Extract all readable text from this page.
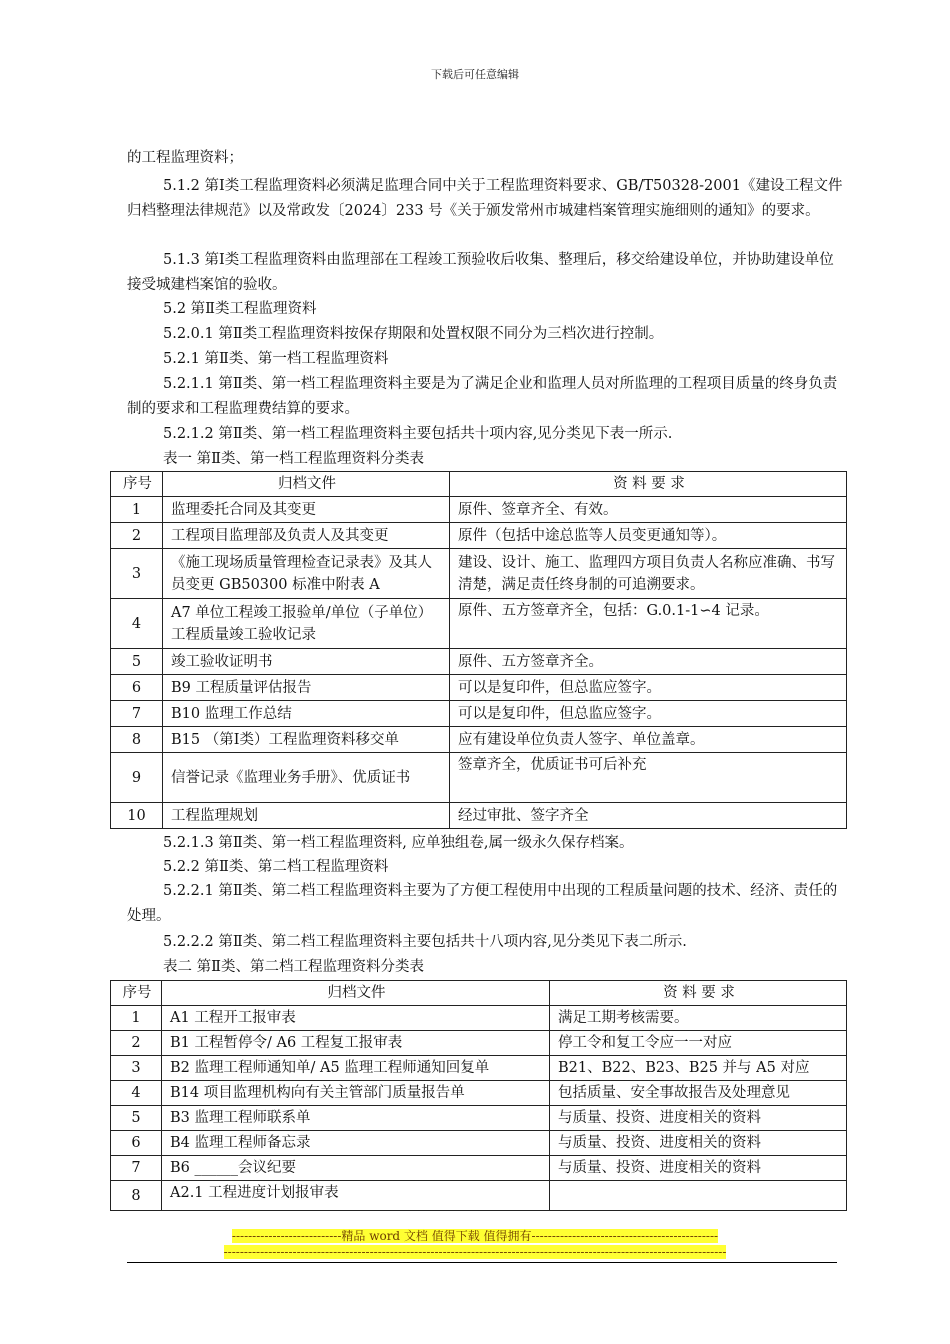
下载后可任意编辑

的工程监理资料；

5.1.2 第Ⅰ类工程监理资料必须满足监理合同中关于工程监理资料要求、GB/T50328-2001《建设工程文件归档整理法律规范》以及常政发〔2024〕233 号《关于颁发常州市城建档案管理实施细则的通知》的要求。

5.1.3 第Ⅰ类工程监理资料由监理部在工程竣工预验收后收集、整理后，移交给建设单位，并协助建设单位接受城建档案馆的验收。

5.2 第Ⅱ类工程监理资料

5.2.0.1 第Ⅱ类工程监理资料按保存期限和处置权限不同分为三档次进行控制。

5.2.1 第Ⅱ类、第一档工程监理资料

5.2.1.1 第Ⅱ类、第一档工程监理资料主要是为了满足企业和监理人员对所监理的工程项目质量的终身负责制的要求和工程监理费结算的要求。

5.2.1.2 第Ⅱ类、第一档工程监理资料主要包括共十项内容,见分类见下表一所示.

表一 第Ⅱ类、第一档工程监理资料分类表
序号	归档文件	资 料 要 求
1	监理委托合同及其变更	原件、签章齐全、有效。
2	工程项目监理部及负责人及其变更	原件（包括中途总监等人员变更通知等）。
3	《施工现场质量管理检查记录表》及其人员变更 GB50300 标准中附表 A	建设、设计、施工、监理四方项目负责人名称应准确、书写清楚，满足责任终身制的可追溯要求。
4	A7 单位工程竣工报验单/单位（子单位）工程质量竣工验收记录	原件、五方签章齐全，包括：G.0.1-1∽4 记录。
5	竣工验收证明书	原件、五方签章齐全。
6	B9 工程质量评估报告	可以是复印件，但总监应签字。
7	B10 监理工作总结	可以是复印件，但总监应签字。
8	B15 （第Ⅰ类）工程监理资料移交单	应有建设单位负责人签字、单位盖章。
9	信誉记录《监理业务手册》、优质证书	签章齐全，优质证书可后补充
10	工程监理规划	经过审批、签字齐全

5.2.1.3 第Ⅱ类、第一档工程监理资料, 应单独组卷,属一级永久保存档案。

5.2.2 第Ⅱ类、第二档工程监理资料

5.2.2.1 第Ⅱ类、第二档工程监理资料主要为了方便工程使用中出现的工程质量问题的技术、经济、责任的处理。

5.2.2.2 第Ⅱ类、第二档工程监理资料主要包括共十八项内容,见分类见下表二所示.

表二 第Ⅱ类、第二档工程监理资料分类表
序号	归档文件	资 料 要 求
1	A1 工程开工报审表	满足工期考核需要。
2	B1 工程暂停令/ A6 工程复工报审表	停工令和复工令应一一对应
3	B2 监理工程师通知单/ A5 监理工程师通知回复单	B21、B22、B23、B25 并与 A5 对应
4	B14 项目监理机构向有关主管部门质量报告单	包括质量、安全事故报告及处理意见
5	B3 监理工程师联系单	与质量、投资、进度相关的资料
6	B4 监理工程师备忘录	与质量、投资、进度相关的资料
7	B6 ______会议纪要	与质量、投资、进度相关的资料
8	A2.1 工程进度计划报审表	
---------------------------精品 word 文档 值得下载 值得拥有----------------------------------------------
----------------------------------------------------------------------------------------------------------------------------
